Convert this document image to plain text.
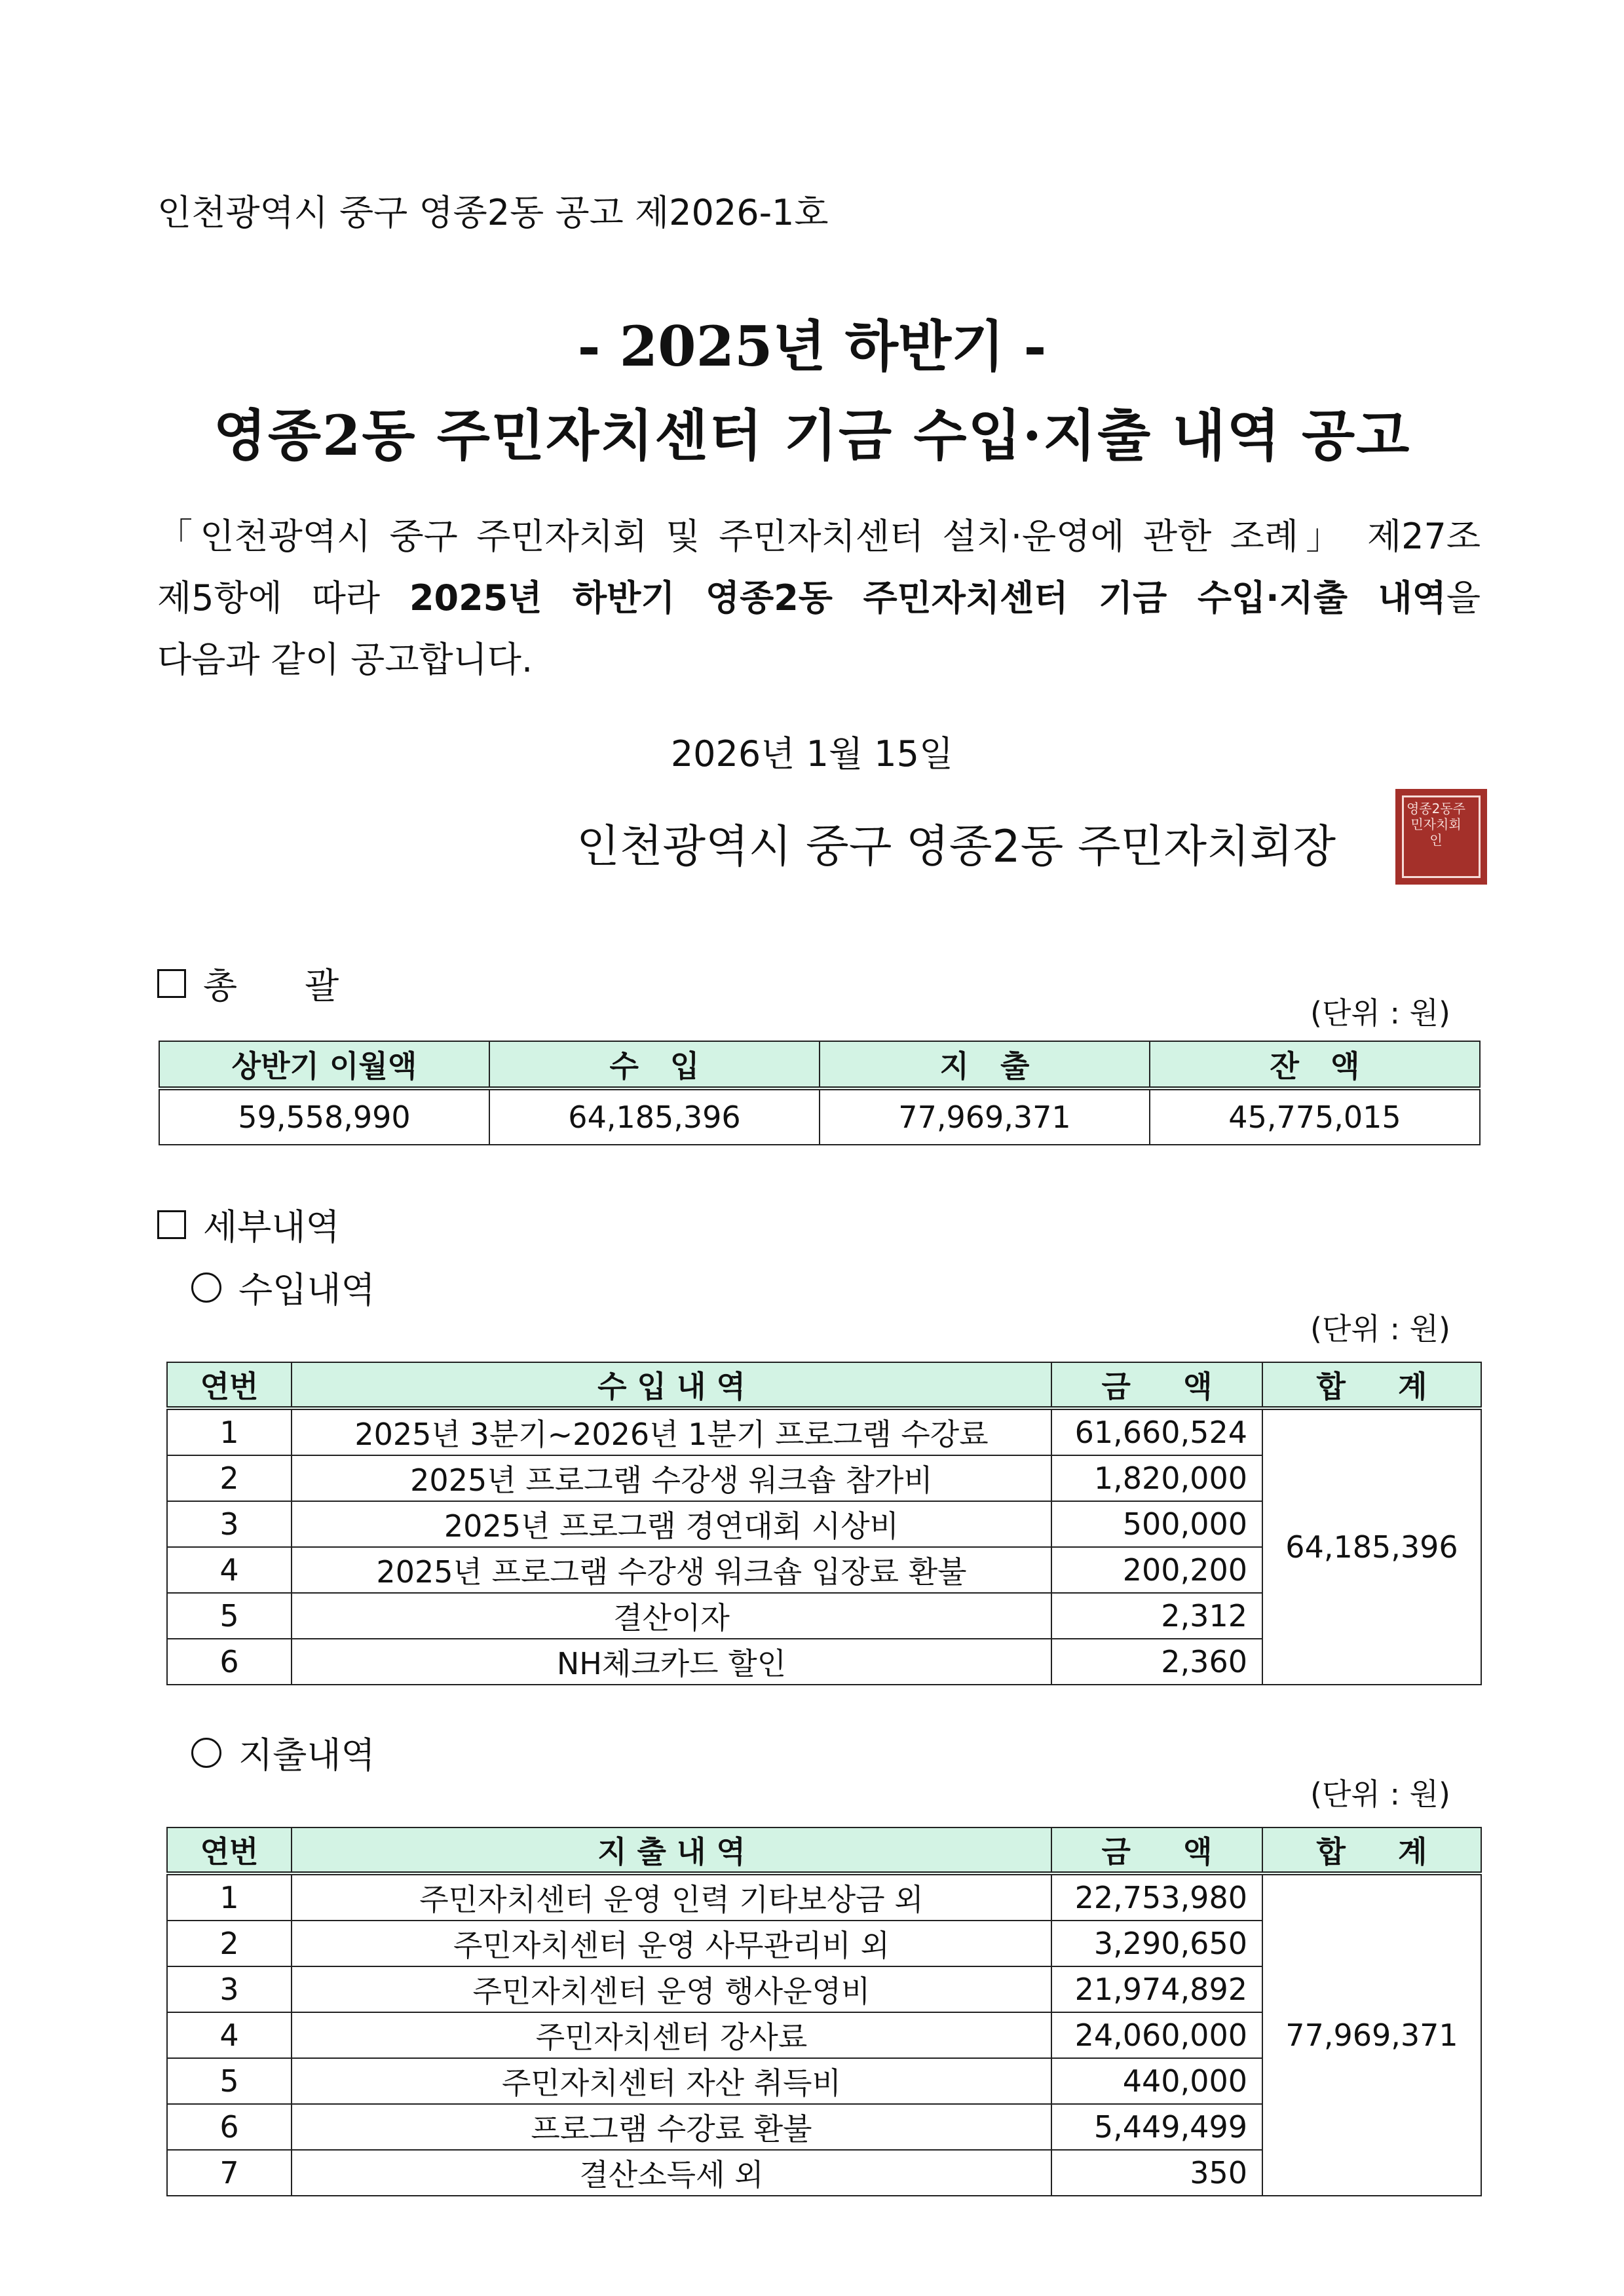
인천광역시 중구 영종2동 공고 제2026-1호
- 2025년 하반기 -
영종2동 주민자치센터 기금 수입·지출 내역 공고
「인천광역시 중구 주민자치회 및 주민자치센터 설치·운영에 관한 조례」 제27조
제5항에 따라 2025년 하반기 영종2동 주민자치센터 기금 수입·지출 내역을
다음과 같이 공고합니다.
2026년 1월 15일
인천광역시 중구 영종2동 주민자치회장
영종2동주민자치회인
총      괄
(단위 : 원)
상반기 이월액	수   입	지   출	잔   액
59,558,990	64,185,396	77,969,371	45,775,015
세부내역
수입내역
(단위 : 원)
연번	수 입 내 역	금     액	합     계
1	2025년 3분기~2026년 1분기 프로그램 수강료	61,660,524	64,185,396
2	2025년 프로그램 수강생 워크숍 참가비	1,820,000	
3	2025년 프로그램 경연대회 시상비	500,000	
4	2025년 프로그램 수강생 워크숍 입장료 환불	200,200	
5	결산이자	2,312	
6	NH체크카드 할인	2,360	
지출내역
(단위 : 원)
연번	지 출 내 역	금     액	합     계
1	주민자치센터 운영 인력 기타보상금 외	22,753,980	77,969,371
2	주민자치센터 운영 사무관리비 외	3,290,650	
3	주민자치센터 운영 행사운영비	21,974,892	
4	주민자치센터 강사료	24,060,000	
5	주민자치센터 자산 취득비	440,000	
6	프로그램 수강료 환불	5,449,499	
7	결산소득세 외	350	
